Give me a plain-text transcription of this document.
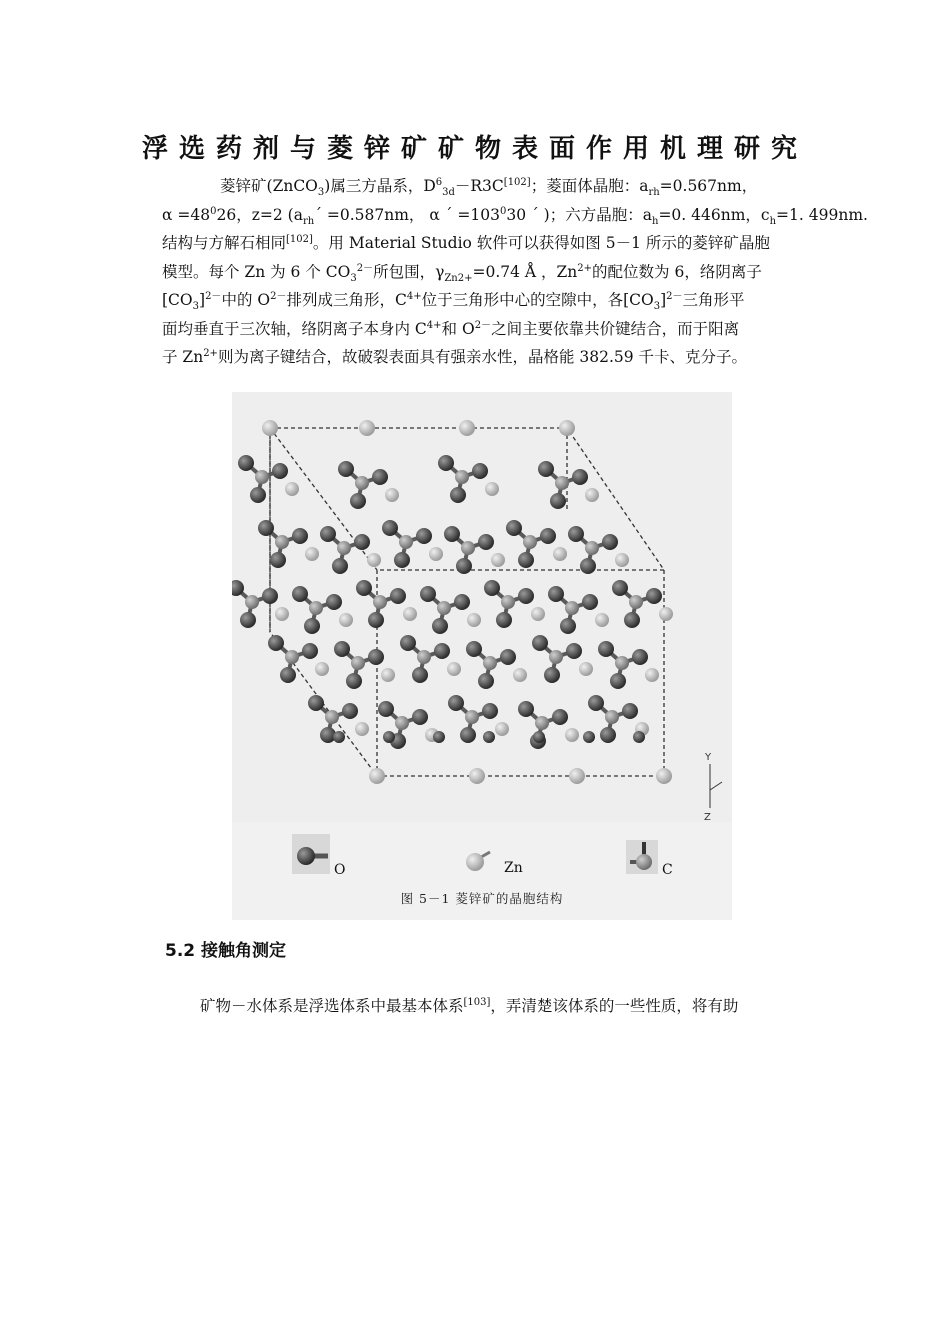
浮选药剂与菱锌矿矿物表面作用机理研究
菱锌矿(ZnCO$_3$)属三方晶系，$D^6_{3d}-R3C[102]$；菱面体晶胞：$a_{rh}=0.567nm$，
$\alpha =48^026$，z=2 ($a_{rh}´ =0.587nm$， α ´ $=103^030$ ´ )；六方晶胞：$a_h=0$. 446nm，$c_h=1$. 499nm.
结构与方解石相同[102]。用 Material Studio 软件可以获得如图 5－1 所示的菱锌矿晶胞
模型。每个 Zn 为 6 个 $CO_3^{2-}$所包围，$\gamma_{Zn2+}=0.74$ Å ，$Zn^{2+}$的配位数为 6，络阴离子
$[CO_3]^{2-}$中的 $O^{2-}$排列成三角形，$C^{4+}$位于三角形中心的空隙中，各$[CO_3]^{2-}$三角形平
面均垂直于三次轴，络阴离子本身内 $C^{4+}$和 $O^{2-}$之间主要依靠共价键结合，而于阳离
子 $Zn^{2+}$则为离子键结合，故破裂表面具有强亲水性，晶格能 382.59 千卡、克分子。
Y
Z
O	Zn	C
图 5－1 菱锌矿的晶胞结构
5.2 接触角测定
矿物－水体系是浮选体系中最基本体系[103]，弄清楚该体系的一些性质，将有助
